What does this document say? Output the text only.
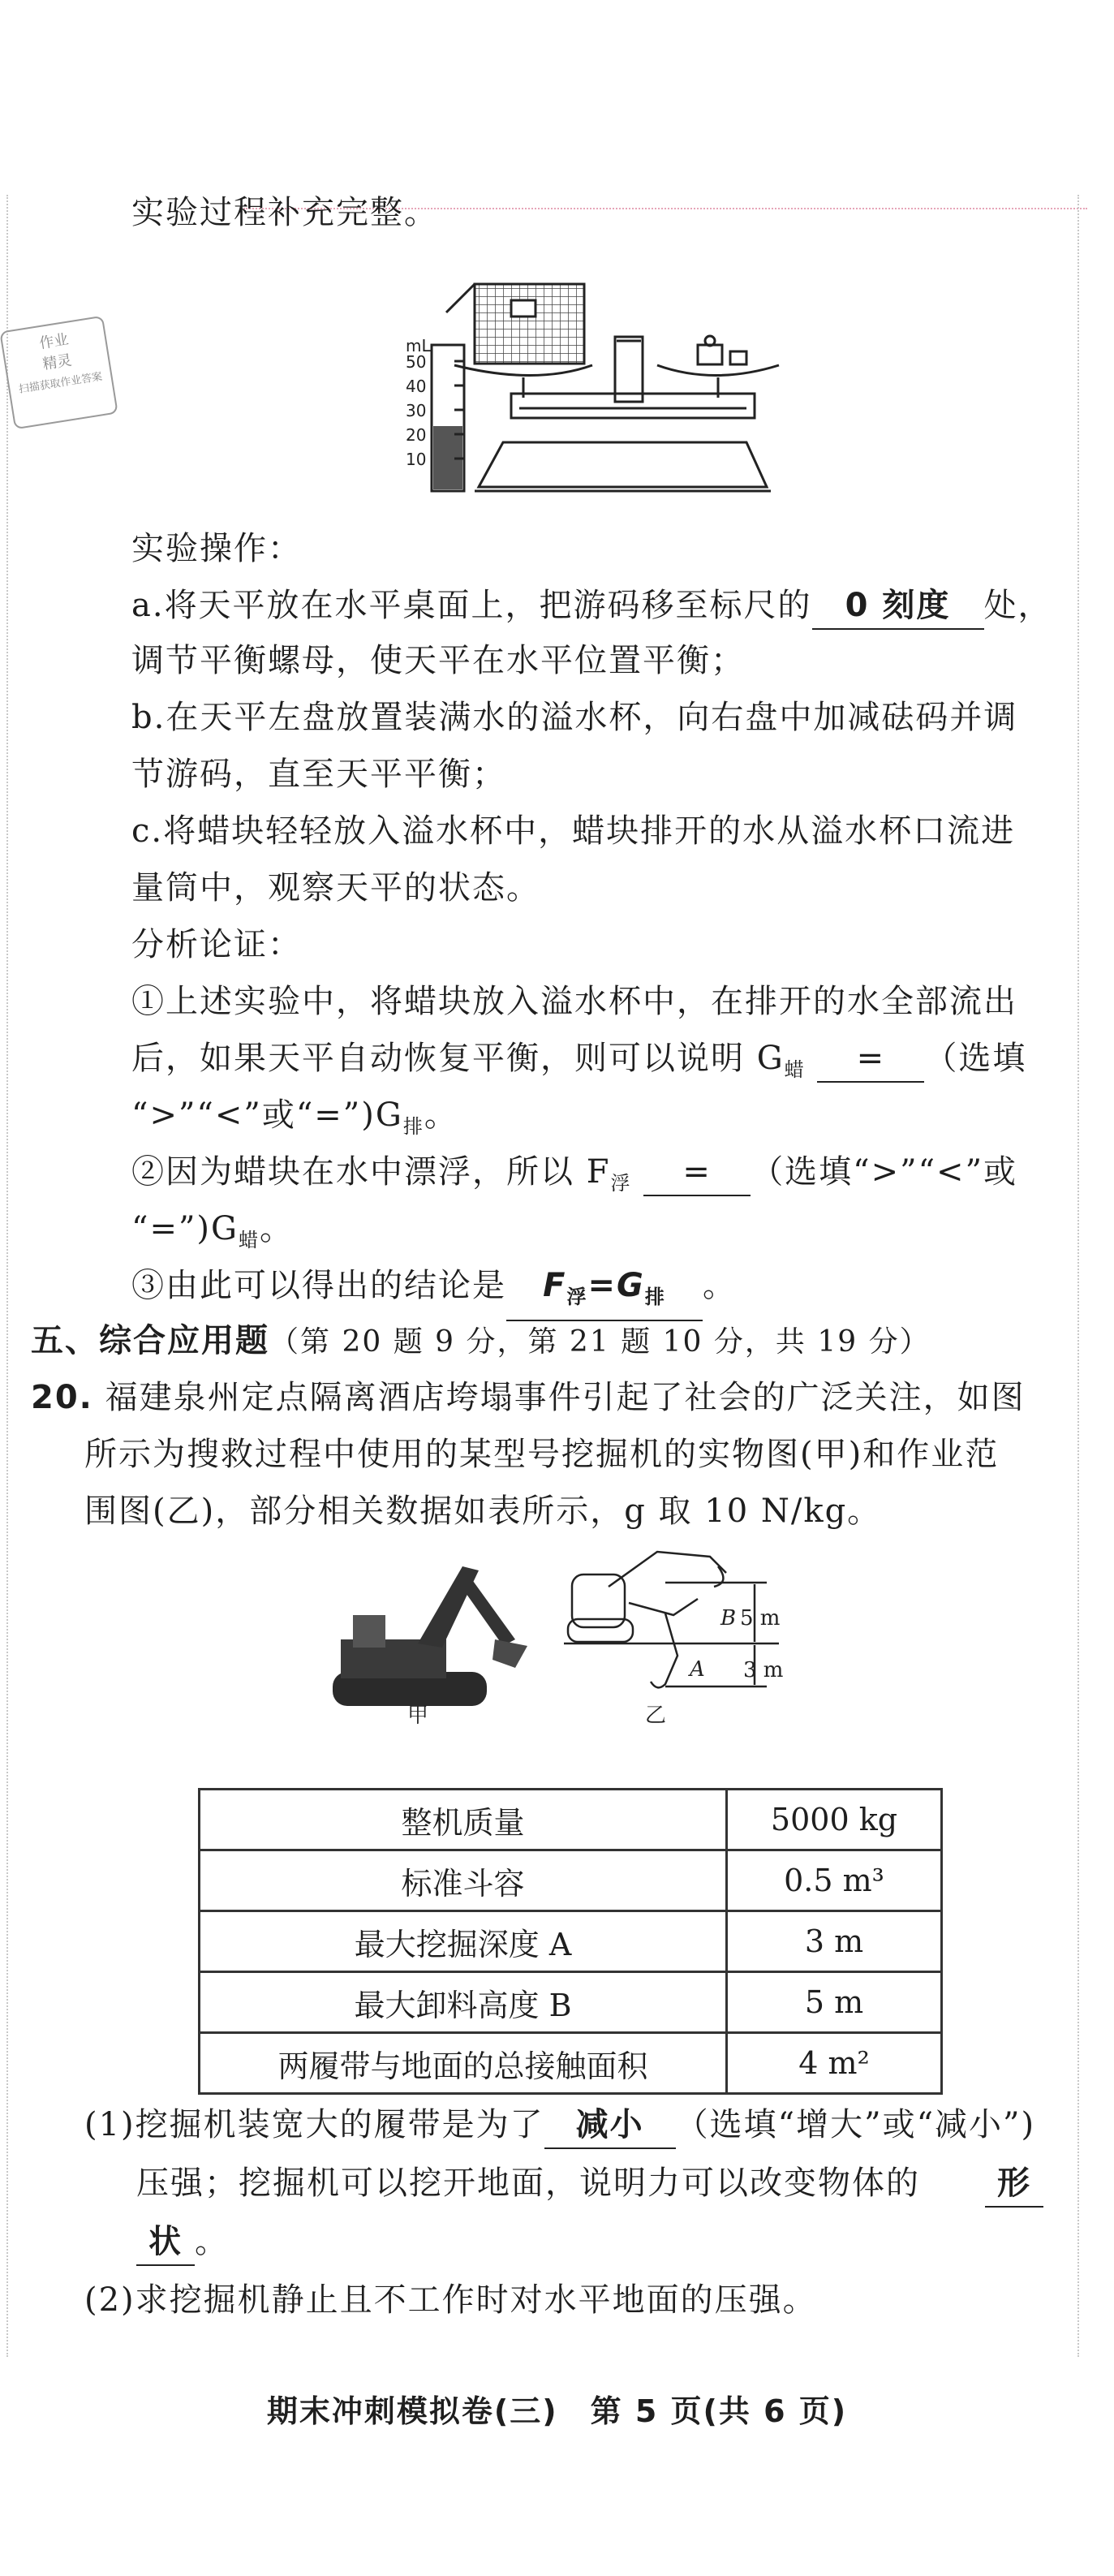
实验过程补充完整。
作业
精灵
扫描获取作业答案
mL
50
40
30
20
10
实验操作：
a.将天平放在水平桌面上，把游码移至标尺的 0 刻度 处，
调节平衡螺母，使天平在水平位置平衡；
b.在天平左盘放置装满水的溢水杯，向右盘中加减砝码并调
节游码，直至天平平衡；
c.将蜡块轻轻放入溢水杯中，蜡块排开的水从溢水杯口流进
量筒中，观察天平的状态。
分析论证：
①上述实验中，将蜡块放入溢水杯中，在排开的水全部流出
后，如果天平自动恢复平衡，则可以说明 $G_蜡$ = （选填
“>”“<”或“$=”)G_排$。
②因为蜡块在水中漂浮，所以 $F_浮$ = （选填“>”“<”或
“$=”)G_蜡$。
③由此可以得出的结论是 $F_浮=G_排$ 。
五、综合应用题（第 20 题 9 分，第 21 题 10 分，共 19 分）
20. 福建泉州定点隔离酒店垮塌事件引起了社会的广泛关注，如图
所示为搜救过程中使用的某型号挖掘机的实物图(甲)和作业范
围图(乙)，部分相关数据如表所示，g 取 10 N/kg。
甲
B 5 m
A 3 m
乙
整机质量	5000 kg
标准斗容	0.5 m³
最大挖掘深度 A	3 m
最大卸料高度 B	5 m
两履带与地面的总接触面积	4 m²
(1)挖掘机装宽大的履带是为了 减小 （选填“增大”或“减小”)
压强；挖掘机可以挖开地面，说明力可以改变物体的 形
状 。
(2)求挖掘机静止且不工作时对水平地面的压强。
期末冲刺模拟卷(三)　第 5 页(共 6 页)
